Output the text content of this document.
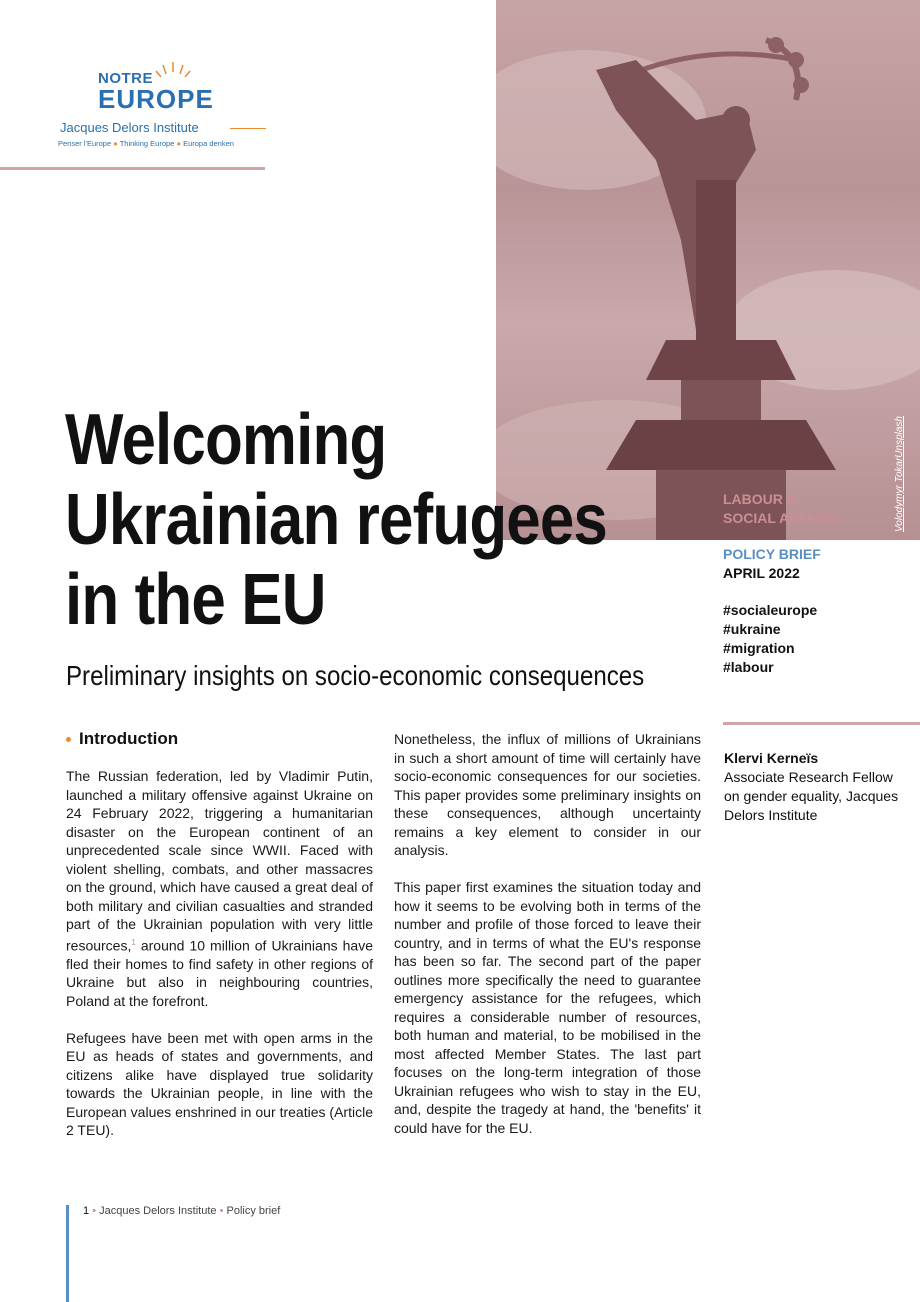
Volodymyr Tokar
Unsplash
NOTRE
EUROPE
Jacques Delors Institute
Penser l'Europe ● Thinking Europe ● Europa denken
Welcoming
Ukrainian refugees
in the EU
Preliminary insights on socio-economic consequences
LABOUR &
SOCIAL AFFAIRS
POLICY BRIEF
APRIL 2022
#socialeurope
#ukraine
#migration
#labour
Klervi Kerneïs
Associate Research Fellow on gender equality, Jacques Delors Institute
Introduction

The Russian federation, led by Vladimir Putin, launched a military offensive against Ukraine on 24 February 2022, triggering a humanitarian disaster on the European continent of an unprecedented scale since WWII. Faced with violent shelling, combats, and other massacres on the ground, which have caused a great deal of both military and civilian casualties and stranded part of the Ukrainian population with very little resources,$^1$ around 10 million of Ukrainians have fled their homes to find safety in other regions of Ukraine but also in neighbouring countries, Poland at the forefront.

Refugees have been met with open arms in the EU as heads of states and governments, and citizens alike have displayed true solidarity towards the Ukrainian people, in line with the European values enshrined in our treaties (Article 2 TEU).

Nonetheless, the influx of millions of Ukrainians in such a short amount of time will certainly have socio-economic consequences for our societies. This paper provides some preliminary insights on these consequences, although uncertainty remains a key element to consider in our analysis.

This paper first examines the situation today and how it seems to be evolving both in terms of the number and profile of those forced to leave their country, and in terms of what the EU's response has been so far. The second part of the paper outlines more specifically the need to guarantee emergency assistance for the refugees, which requires a considerable number of resources, both human and material, to be mobilised in the most affected Member States. The last part focuses on the long-term integration of those Ukrainian refugees who wish to stay in the EU, and, despite the tragedy at hand, the 'benefits' it could have for the EU.

1 • Jacques Delors Institute • Policy brief
